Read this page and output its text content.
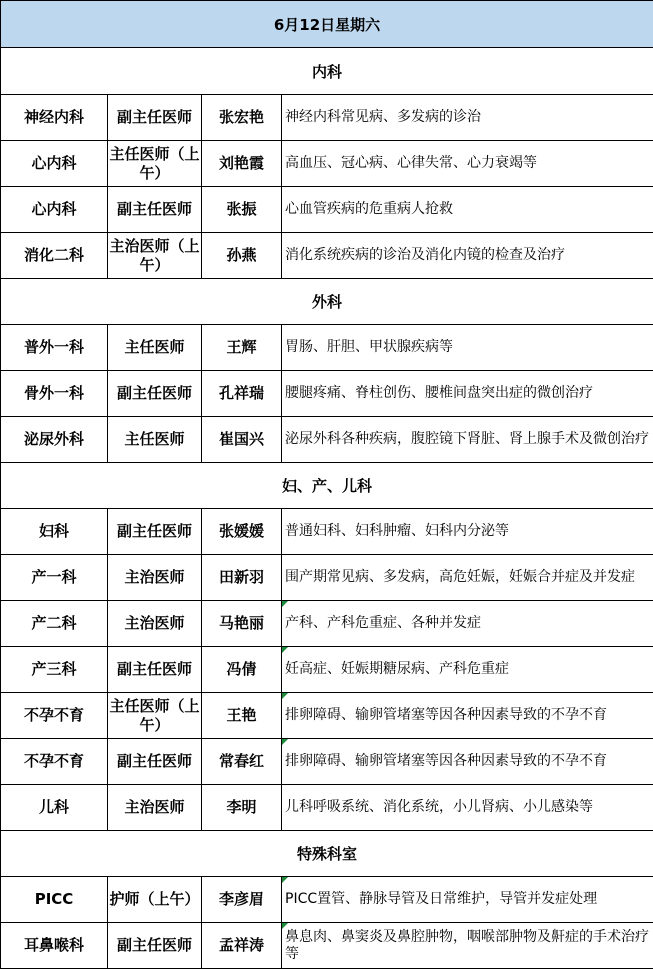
6月12日星期六			
内科			
神经内科	副主任医师	张宏艳	神经内科常见病、多发病的诊治
心内科	主任医师（上午）	刘艳霞	高血压、冠心病、心律失常、心力衰竭等
心内科	副主任医师	张振	心血管疾病的危重病人抢救
消化二科	主治医师（上午）	孙燕	消化系统疾病的诊治及消化内镜的检查及治疗
外科			
普外一科	主任医师	王辉	胃肠、肝胆、甲状腺疾病等
骨外一科	副主任医师	孔祥瑞	腰腿疼痛、脊柱创伤、腰椎间盘突出症的微创治疗
泌尿外科	主任医师	崔国兴	泌尿外科各种疾病，腹腔镜下肾脏、肾上腺手术及微创治疗
妇、产、儿科			
妇科	副主任医师	张媛媛	普通妇科、妇科肿瘤、妇科内分泌等
产一科	主治医师	田新羽	围产期常见病、多发病，高危妊娠，妊娠合并症及并发症
产二科	主治医师	马艳丽	产科、产科危重症、各种并发症
产三科	副主任医师	冯倩	妊高症、妊娠期糖尿病、产科危重症
不孕不育	主任医师（上午）	王艳	排卵障碍、输卵管堵塞等因各种因素导致的不孕不育
不孕不育	副主任医师	常春红	排卵障碍、输卵管堵塞等因各种因素导致的不孕不育
儿科	主治医师	李明	儿科呼吸系统、消化系统，小儿肾病、小儿感染等
特殊科室			
PICC	护师（上午）	李彦眉	PICC置管、静脉导管及日常维护，导管并发症处理
耳鼻喉科	副主任医师	孟祥涛	鼻息肉、鼻窦炎及鼻腔肿物，咽喉部肿物及鼾症的手术治疗等
